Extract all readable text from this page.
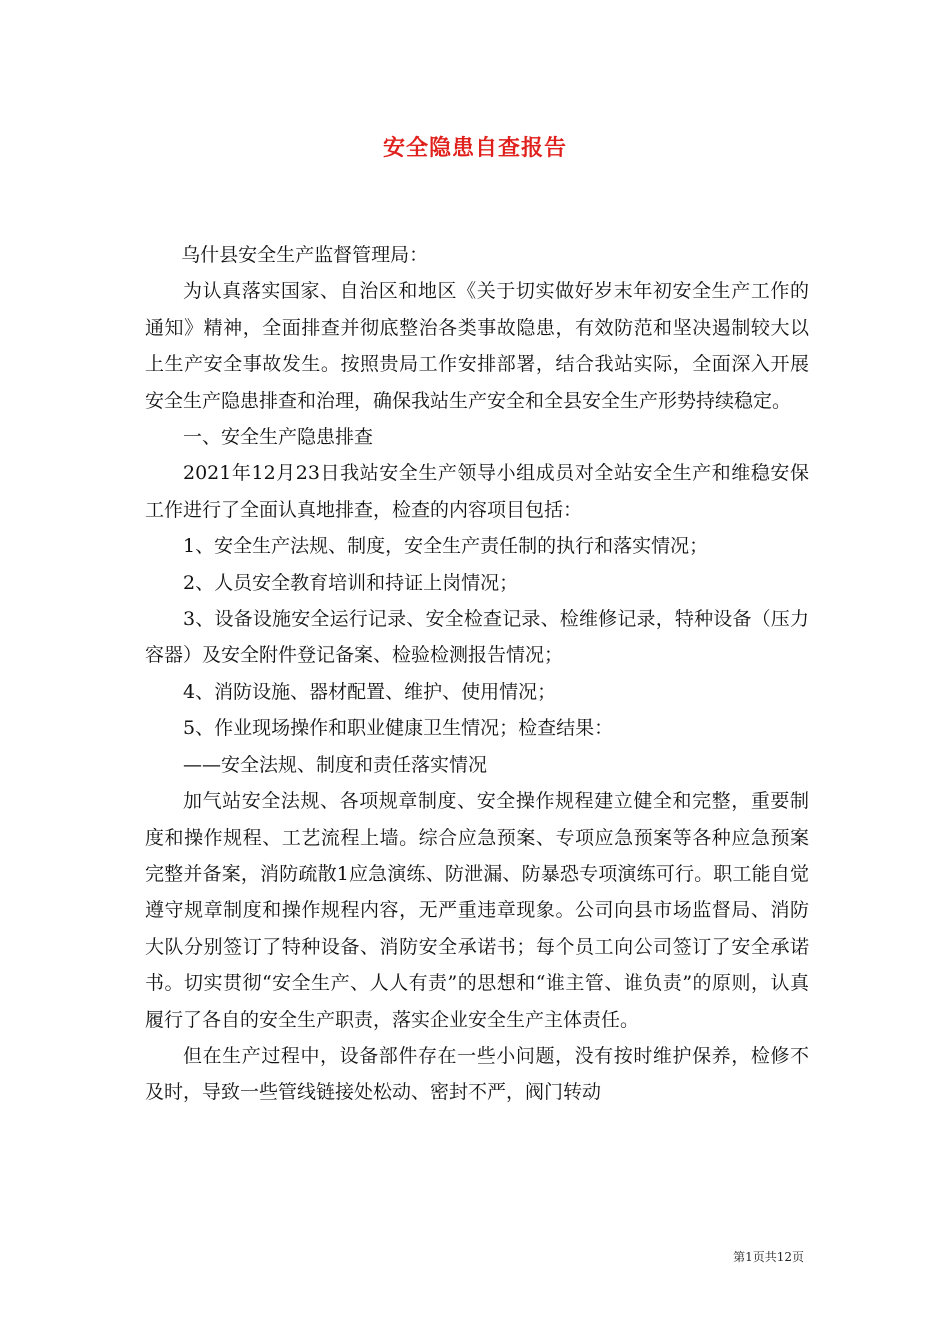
安全隐患自查报告

乌什县安全生产监督管理局：

为认真落实国家、自治区和地区《关于切实做好岁末年初安全生产工作的通知》精神，全面排查并彻底整治各类事故隐患，有效防范和坚决遏制较大以上生产安全事故发生。按照贵局工作安排部署，结合我站实际，全面深入开展安全生产隐患排查和治理，确保我站生产安全和全县安全生产形势持续稳定。

一、安全生产隐患排查

2021年12月23日我站安全生产领导小组成员对全站安全生产和维稳安保工作进行了全面认真地排查，检查的内容项目包括：

1、安全生产法规、制度，安全生产责任制的执行和落实情况；

2、人员安全教育培训和持证上岗情况；

3、设备设施安全运行记录、安全检查记录、检维修记录，特种设备（压力容器）及安全附件登记备案、检验检测报告情况；

4、消防设施、器材配置、维护、使用情况；

5、作业现场操作和职业健康卫生情况；检查结果：

——安全法规、制度和责任落实情况

加气站安全法规、各项规章制度、安全操作规程建立健全和完整，重要制度和操作规程、工艺流程上墙。综合应急预案、专项应急预案等各种应急预案完整并备案，消防疏散1应急演练、防泄漏、防暴恐专项演练可行。职工能自觉遵守规章制度和操作规程内容，无严重违章现象。公司向县市场监督局、消防大队分别签订了特种设备、消防安全承诺书；每个员工向公司签订了安全承诺书。切实贯彻“安全生产、人人有责”的思想和“谁主管、谁负责”的原则，认真履行了各自的安全生产职责，落实企业安全生产主体责任。

但在生产过程中，设备部件存在一些小问题，没有按时维护保养，检修不及时，导致一些管线链接处松动、密封不严，阀门转动

第1页共12页
